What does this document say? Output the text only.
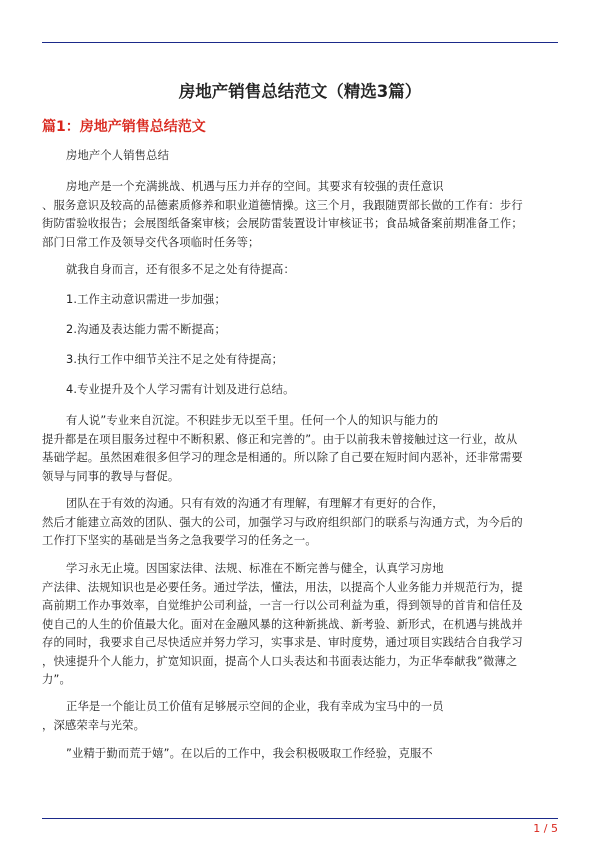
房地产销售总结范文（精选3篇）
篇1：房地产销售总结范文
房地产个人销售总结
房地产是一个充满挑战、机遇与压力并存的空间。其要求有较强的责任意识
、服务意识及较高的品德素质修养和职业道德情操。这三个月，我跟随贾部长做的工作有：步行
街防雷验收报告；会展图纸备案审核；会展防雷装置设计审核证书；食品城备案前期准备工作；
部门日常工作及领导交代各项临时任务等；
就我自身而言，还有很多不足之处有待提高：
1.工作主动意识需进一步加强；
2.沟通及表达能力需不断提高；
3.执行工作中细节关注不足之处有待提高；
4.专业提升及个人学习需有计划及进行总结。
有人说”专业来自沉淀。不积跬步无以至千里。任何一个人的知识与能力的
提升都是在项目服务过程中不断积累、修正和完善的”。由于以前我未曾接触过这一行业，故从
基础学起。虽然困难很多但学习的理念是相通的。所以除了自己要在短时间内恶补，还非常需要
领导与同事的教导与督促。
团队在于有效的沟通。只有有效的沟通才有理解，有理解才有更好的合作，
然后才能建立高效的团队、强大的公司，加强学习与政府组织部门的联系与沟通方式，为今后的
工作打下坚实的基础是当务之急我要学习的任务之一。
学习永无止境。因国家法律、法规、标准在不断完善与健全，认真学习房地
产法律、法规知识也是必要任务。通过学法，懂法，用法，以提高个人业务能力并规范行为，提
高前期工作办事效率，自觉维护公司利益，一言一行以公司利益为重，得到领导的首肯和信任及
使自己的人生的价值最大化。面对在金融风暴的这种新挑战、新考验、新形式，在机遇与挑战并
存的同时，我要求自己尽快适应并努力学习，实事求是、审时度势，通过项目实践结合自我学习
，快速提升个人能力，扩宽知识面，提高个人口头表达和书面表达能力，为正华奉献我”微薄之
力”。
正华是一个能让员工价值有足够展示空间的企业，我有幸成为宝马中的一员
，深感荣幸与光荣。
”业精于勤而荒于嬉”。在以后的工作中，我会积极吸取工作经验，克服不
1 / 5
